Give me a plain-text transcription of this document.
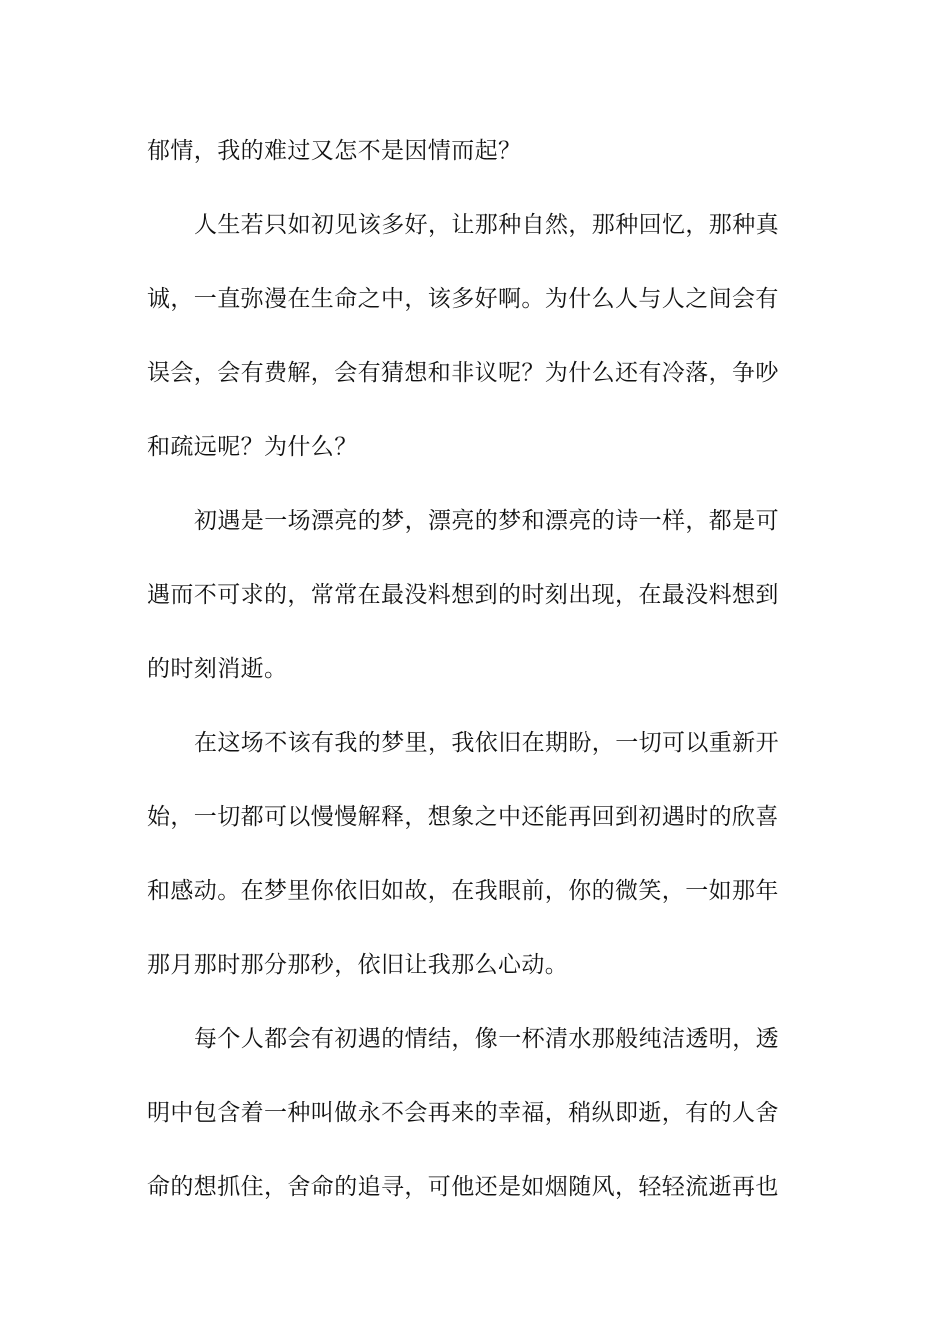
郁情，我的难过又怎不是因情而起？
人生若只如初见该多好，让那种自然，那种回忆，那种真
诚，一直弥漫在生命之中，该多好啊。为什么人与人之间会有
误会，会有费解，会有猜想和非议呢？为什么还有冷落，争吵
和疏远呢？为什么？
初遇是一场漂亮的梦，漂亮的梦和漂亮的诗一样，都是可
遇而不可求的，常常在最没料想到的时刻出现，在最没料想到
的时刻消逝。
在这场不该有我的梦里，我依旧在期盼，一切可以重新开
始，一切都可以慢慢解释，想象之中还能再回到初遇时的欣喜
和感动。在梦里你依旧如故，在我眼前，你的微笑，一如那年
那月那时那分那秒，依旧让我那么心动。
每个人都会有初遇的情结，像一杯清水那般纯洁透明，透
明中包含着一种叫做永不会再来的幸福，稍纵即逝，有的人舍
命的想抓住，舍命的追寻，可他还是如烟随风，轻轻流逝再也
